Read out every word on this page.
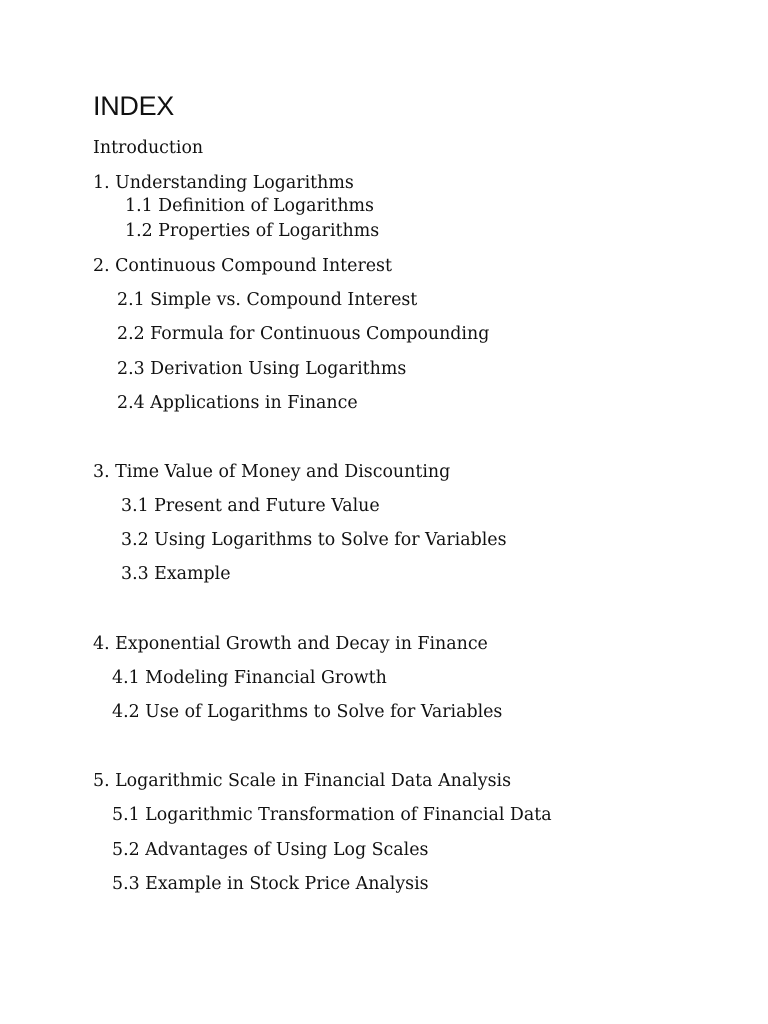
INDEX

Introduction

1. Understanding Logarithms

1.1 Definition of Logarithms

1.2 Properties of Logarithms

2. Continuous Compound Interest

2.1 Simple vs. Compound Interest

2.2 Formula for Continuous Compounding

2.3 Derivation Using Logarithms

2.4 Applications in Finance

3. Time Value of Money and Discounting

3.1 Present and Future Value

3.2 Using Logarithms to Solve for Variables

3.3 Example

4. Exponential Growth and Decay in Finance

4.1 Modeling Financial Growth

4.2 Use of Logarithms to Solve for Variables

5. Logarithmic Scale in Financial Data Analysis

5.1 Logarithmic Transformation of Financial Data

5.2 Advantages of Using Log Scales

5.3 Example in Stock Price Analysis
